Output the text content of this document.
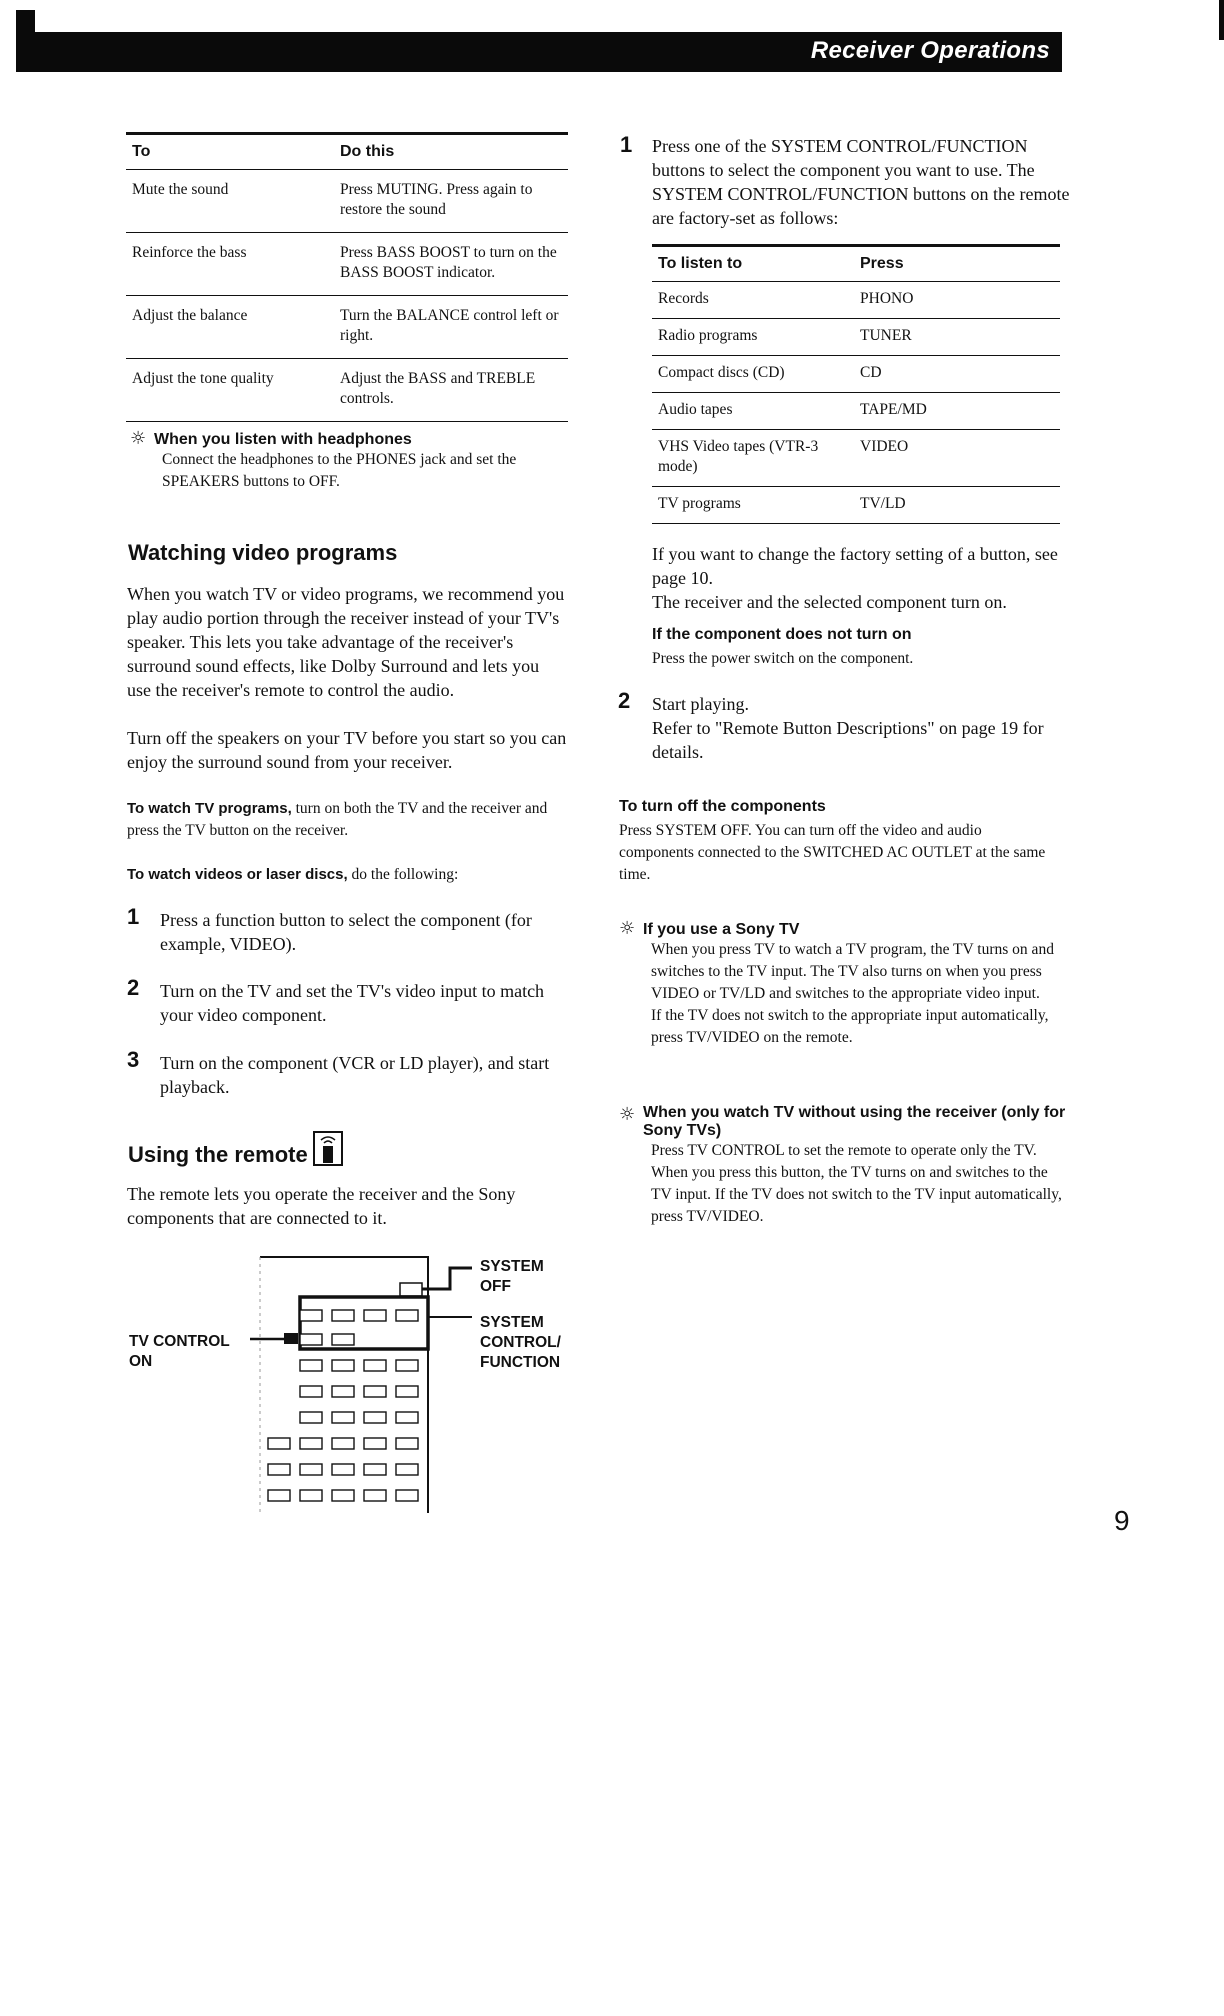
Receiver Operations
To	Do this
Mute the sound	Press MUTING. Press again to restore the sound
Reinforce the bass	Press BASS BOOST to turn on the BASS BOOST indicator.
Adjust the balance	Turn the BALANCE control left or right.
Adjust the tone quality	Adjust the BASS and TREBLE controls.
☼ When you listen with headphones
Connect the headphones to the PHONES jack and set the SPEAKERS buttons to OFF.
Watching video programs
When you watch TV or video programs, we recommend you play audio portion through the receiver instead of your TV's speaker. This lets you take advantage of the receiver's surround sound effects, like Dolby Surround and lets you use the receiver's remote to control the audio.
Turn off the speakers on your TV before you start so you can enjoy the surround sound from your receiver.
To watch TV programs, turn on both the TV and the receiver and press the TV button on the receiver.
To watch videos or laser discs, do the following:
1 Press a function button to select the component (for example, VIDEO).
2 Turn on the TV and set the TV's video input to match your video component.
3 Turn on the component (VCR or LD player), and start playback.
Using the remote
The remote lets you operate the receiver and the Sony components that are connected to it.
SYSTEM
OFF
SYSTEM
CONTROL/
FUNCTION
TV CONTROL
ON
1 Press one of the SYSTEM CONTROL/FUNCTION buttons to select the component you want to use. The SYSTEM CONTROL/FUNCTION buttons on the remote are factory-set as follows:
To listen to	Press
Records	PHONO
Radio programs	TUNER
Compact discs (CD)	CD
Audio tapes	TAPE/MD
VHS Video tapes (VTR-3 mode)	VIDEO
TV programs	TV/LD
If you want to change the factory setting of a button, see page 10.
The receiver and the selected component turn on.
If the component does not turn on
Press the power switch on the component.
2 Start playing.
Refer to "Remote Button Descriptions" on page 19 for details.
To turn off the components
Press SYSTEM OFF. You can turn off the video and audio components connected to the SWITCHED AC OUTLET at the same time.
☼ If you use a Sony TV
When you press TV to watch a TV program, the TV turns on and switches to the TV input. The TV also turns on when you press VIDEO or TV/LD and switches to the appropriate video input.
If the TV does not switch to the appropriate input automatically, press TV/VIDEO on the remote.
☼ When you watch TV without using the receiver (only for Sony TVs)
Press TV CONTROL to set the remote to operate only the TV. When you press this button, the TV turns on and switches to the TV input. If the TV does not switch to the TV input automatically, press TV/VIDEO.
9
